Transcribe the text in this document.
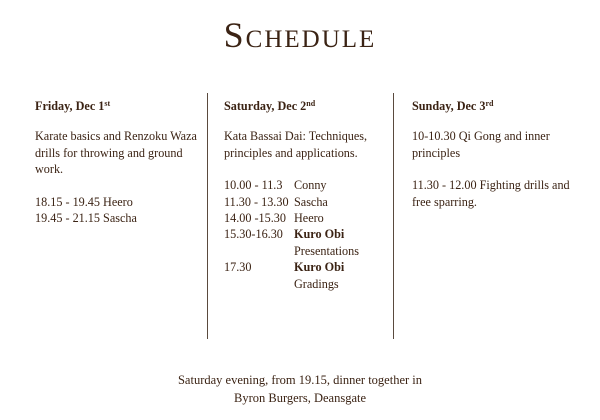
Schedule
Friday, Dec 1st
Karate basics and Renzoku Waza drills for throwing and ground work.
18.15 - 19.45 Heero
19.45 - 21.15 Sascha
Saturday, Dec 2nd
Kata Bassai Dai: Techniques, principles and applications.
10.00 - 11.3 Conny
11.30 - 13.30 Sascha
14.00 -15.30 Heero
15.30-16.30 Kuro Obi
Presentations
17.30	Kuro Obi
Gradings
Sunday, Dec 3rd
10-10.30 Qi Gong and inner principles
11.30 - 12.00 Fighting drills and free sparring.
Saturday evening, from 19.15, dinner together in
Byron Burgers, Deansgate
